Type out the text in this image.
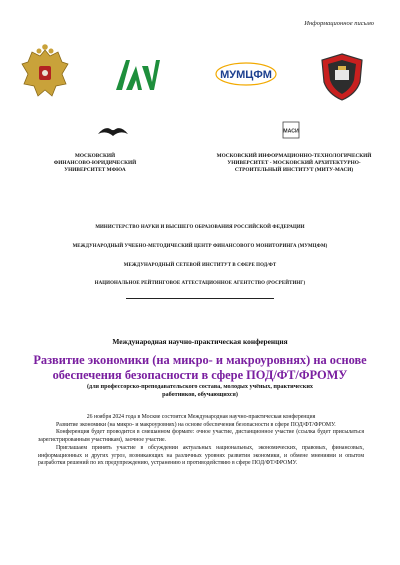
Информационное письмо
МУМЦФМ
МАСИ
МОСКОВСКИЙ
ФИНАНСОВО-ЮРИДИЧЕСКИЙ
УНИВЕРСИТЕТ МФЮА
МОСКОВСКИЙ ИНФОРМАЦИОННО-ТЕХНОЛОГИЧЕСКИЙ
УНИВЕРСИТЕТ - МОСКОВСКИЙ АРХИТЕКТУРНО-
СТРОИТЕЛЬНЫЙ ИНСТИТУТ (МИТУ-МАСИ)
МИНИСТЕРСТВО НАУКИ И ВЫСШЕГО ОБРАЗОВАНИЯ РОССИЙСКОЙ ФЕДЕРАЦИИ
МЕЖДУНАРОДНЫЙ УЧЕБНО-МЕТОДИЧЕСКИЙ ЦЕНТР ФИНАНСОВОГО МОНИТОРИНГА (МУМЦФМ)
МЕЖДУНАРОДНЫЙ СЕТЕВОЙ ИНСТИТУТ В СФЕРЕ ПОД/ФТ
НАЦИОНАЛЬНОЕ РЕЙТИНГОВОЕ АТТЕСТАЦИОННОЕ АГЕНТСТВО (РОСРЕЙТИНГ)
Международная научно-практическая конференция
Развитие экономики (на микро- и макроуровнях) на основе
обеспечения безопасности в сфере ПОД/ФТ/ФРОМУ
(для профессорско-преподавательского состава, молодых учёных, практических
работников, обучающихся)

26 ноября 2024 года в Москве состоится Международная научно-практическая конференция

Развитие экономики (на микро- и макроуровнях) на основе обеспечения безопасности в сфере ПОД/ФТ/ФРОМУ.

Конференция будет проводится в смешанном формате: очное участие, дистанционное участие (ссылка будет присылаться зарегистрированным участникам), заочное участие.

Приглашаем принять участие в обсуждении актуальных национальных, экономических, правовых, финансовых, информационных и других угроз, возникающих на различных уровнях развития экономики, и обмене мнениями и опытом разработки решений по их предупреждению, устранению и противодействию в сфере ПОД/ФТ/ФРОМУ.
